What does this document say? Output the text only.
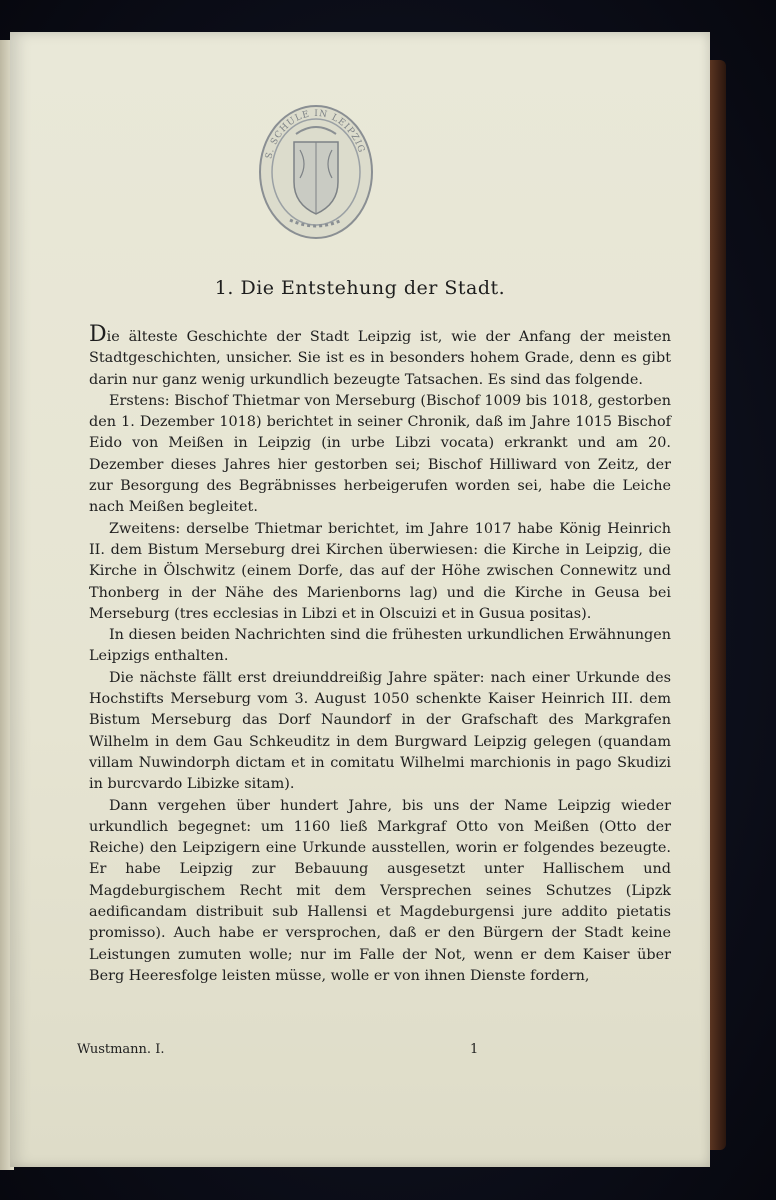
S. SCHULE IN LEIPZIG
1. Die Entstehung der Stadt.

Die älteste Geschichte der Stadt Leipzig ist, wie der Anfang der meisten Stadtgeschichten, unsicher. Sie ist es in besonders hohem Grade, denn es gibt darin nur ganz wenig urkundlich bezeugte Tatsachen. Es sind das folgende.

Erstens: Bischof Thietmar von Merseburg (Bischof 1009 bis 1018, gestorben den 1. Dezember 1018) berichtet in seiner Chronik, daß im Jahre 1015 Bischof Eido von Meißen in Leipzig (in urbe Libzi vocata) erkrankt und am 20. Dezember dieses Jahres hier gestorben sei; Bischof Hilliward von Zeitz, der zur Besorgung des Begräbnisses herbeigerufen worden sei, habe die Leiche nach Meißen begleitet.

Zweitens: derselbe Thietmar berichtet, im Jahre 1017 habe König Heinrich II. dem Bistum Merseburg drei Kirchen überwiesen: die Kirche in Leipzig, die Kirche in Ölschwitz (einem Dorfe, das auf der Höhe zwischen Connewitz und Thonberg in der Nähe des Marienborns lag) und die Kirche in Geusa bei Merseburg (tres ecclesias in Libzi et in Olscuizi et in Gusua positas).

In diesen beiden Nachrichten sind die frühesten urkundlichen Erwähnungen Leipzigs enthalten.

Die nächste fällt erst dreiunddreißig Jahre später: nach einer Urkunde des Hochstifts Merseburg vom 3. August 1050 schenkte Kaiser Heinrich III. dem Bistum Merseburg das Dorf Naundorf in der Grafschaft des Markgrafen Wilhelm in dem Gau Schkeuditz in dem Burgward Leipzig gelegen (quandam villam Nuwindorph dictam et in comitatu Wilhelmi marchionis in pago Skudizi in burcvardo Libizke sitam).

Dann vergehen über hundert Jahre, bis uns der Name Leipzig wieder urkundlich begegnet: um 1160 ließ Markgraf Otto von Meißen (Otto der Reiche) den Leipzigern eine Urkunde ausstellen, worin er folgendes bezeugte. Er habe Leipzig zur Bebauung ausgesetzt unter Hallischem und Magdeburgischem Recht mit dem Versprechen seines Schutzes (Lipzk aedificandam distribuit sub Hallensi et Magdeburgensi jure addito pietatis promisso). Auch habe er versprochen, daß er den Bürgern der Stadt keine Leistungen zumuten wolle; nur im Falle der Not, wenn er dem Kaiser über Berg Heeresfolge leisten müsse, wolle er von ihnen Dienste fordern,

Wustmann. I.	1
